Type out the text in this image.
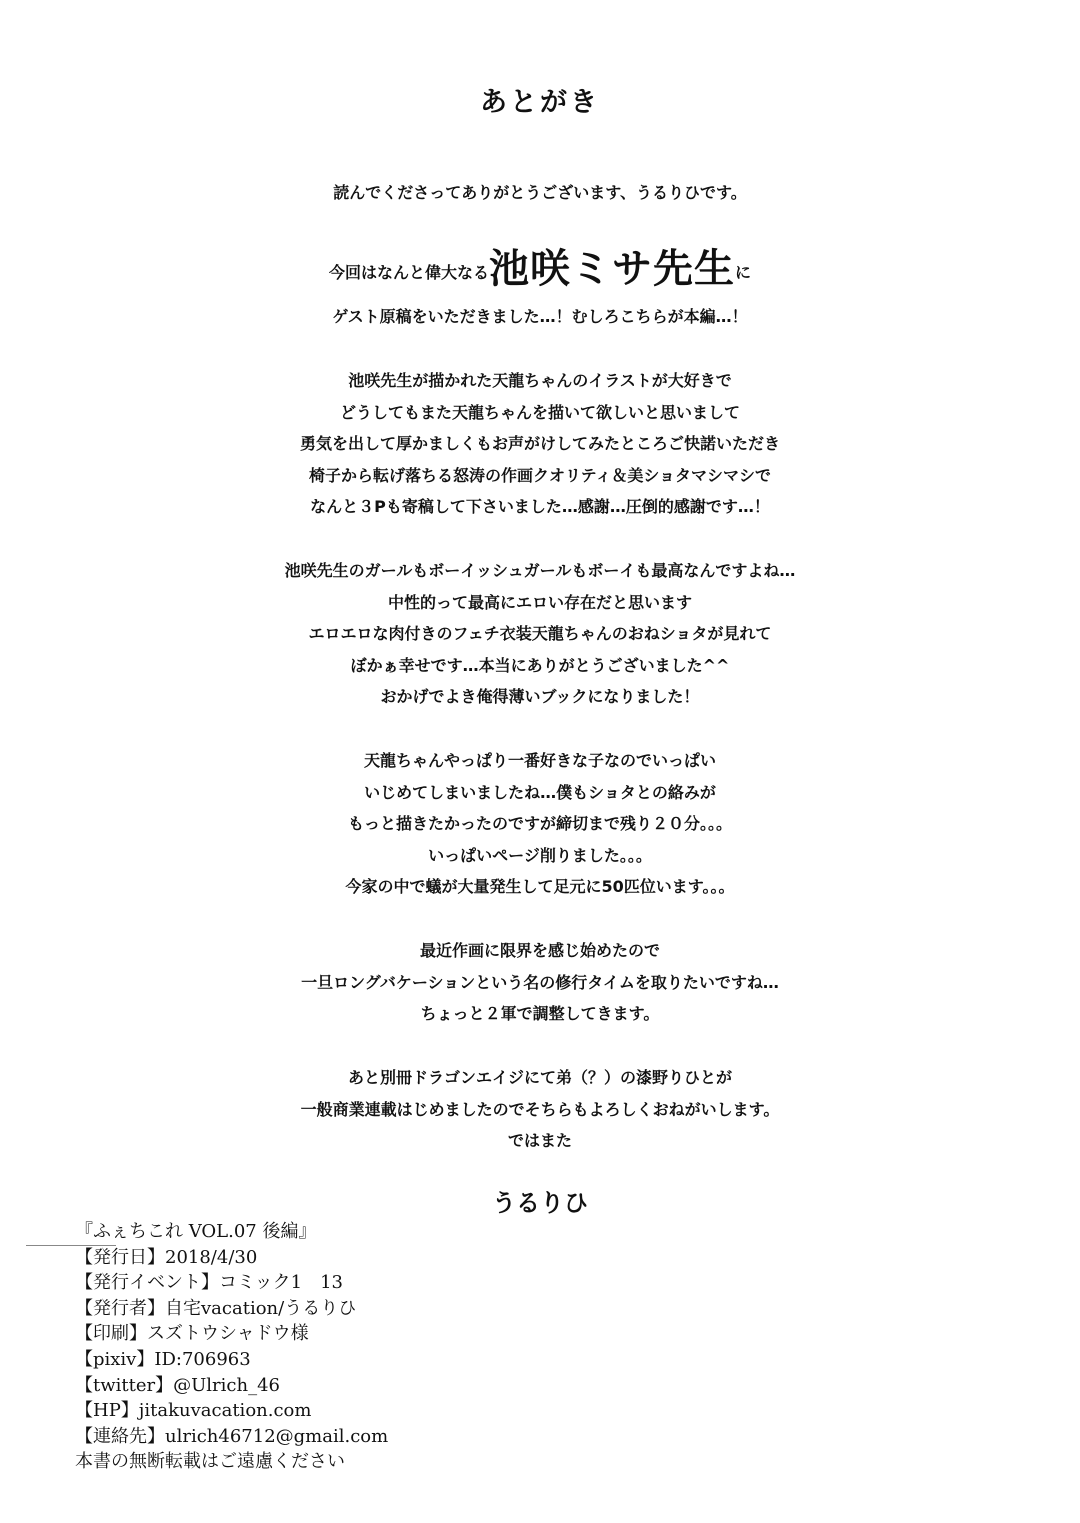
あとがき

読んでくださってありがとうございます、うるりひです。

今回はなんと偉大なる池咲ミサ先生に

ゲスト原稿をいただきました…！むしろこちらが本編…！

池咲先生が描かれた天龍ちゃんのイラストが大好きで

どうしてもまた天龍ちゃんを描いて欲しいと思いまして

勇気を出して厚かましくもお声がけしてみたところご快諾いただき

椅子から転げ落ちる怒涛の作画クオリティ＆美ショタマシマシで

なんと３Pも寄稿して下さいました…感謝…圧倒的感謝です…！

池咲先生のガールもボーイッシュガールもボーイも最高なんですよね…

中性的って最高にエロい存在だと思います

エロエロな肉付きのフェチ衣装天龍ちゃんのおねショタが見れて

ぼかぁ幸せです…本当にありがとうございました^^

おかげでよき俺得薄いブックになりました！

天龍ちゃんやっぱり一番好きな子なのでいっぱい

いじめてしまいましたね…僕もショタとの絡みが

もっと描きたかったのですが締切まで残り２０分。。。

いっぱいページ削りました。。。

今家の中で蟻が大量発生して足元に50匹位います。。。

最近作画に限界を感じ始めたので

一旦ロングバケーションという名の修行タイムを取りたいですね…

ちょっと２軍で調整してきます。

あと別冊ドラゴンエイジにて弟（？）の漆野りひとが

一般商業連載はじめましたのでそちらもよろしくおねがいします。

ではまた

うるりひ

『ふぇちこれ VOL.07 後編』
【発行日】2018/4/30
【発行イベント】コミック1　13
【発行者】自宅vacation/うるりひ
【印刷】スズトウシャドウ様
【pixiv】ID:706963
【twitter】@Ulrich_46
【HP】jitakuvacation.com
【連絡先】ulrich46712@gmail.com
本書の無断転載はご遠慮ください
